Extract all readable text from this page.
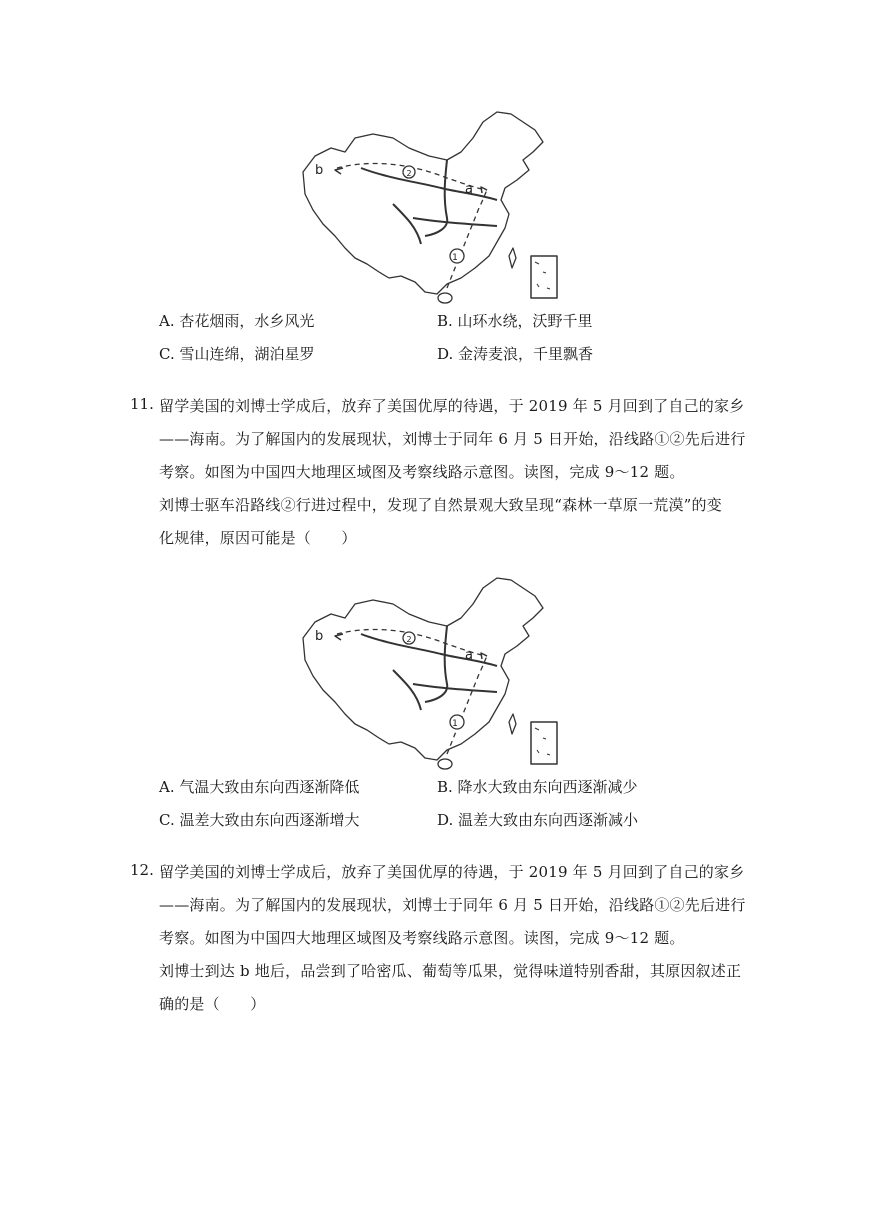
1
2
a
b
A. 杏花烟雨，水乡风光	B. 山环水绕，沃野千里
C. 雪山连绵，湖泊星罗	D. 金涛麦浪，千里飘香
11. 留学美国的刘博士学成后，放弃了美国优厚的待遇，于 2019 年 5 月回到了自己的家乡
——海南。为了解国内的发展现状，刘博士于同年 6 月 5 日开始，沿线路①②先后进行
考察。如图为中国四大地理区域图及考察线路示意图。读图，完成 9～12 题。
刘博士驱车沿路线②行进过程中，发现了自然景观大致呈现“森林一草原一荒漠”的变
化规律，原因可能是（　　）
1
2
a
b
A. 气温大致由东向西逐渐降低	B. 降水大致由东向西逐渐减少
C. 温差大致由东向西逐渐增大	D. 温差大致由东向西逐渐减小
12. 留学美国的刘博士学成后，放弃了美国优厚的待遇，于 2019 年 5 月回到了自己的家乡
——海南。为了解国内的发展现状，刘博士于同年 6 月 5 日开始，沿线路①②先后进行
考察。如图为中国四大地理区域图及考察线路示意图。读图，完成 9～12 题。
刘博士到达 b 地后，品尝到了哈密瓜、葡萄等瓜果，觉得味道特别香甜，其原因叙述正
确的是（　　）
